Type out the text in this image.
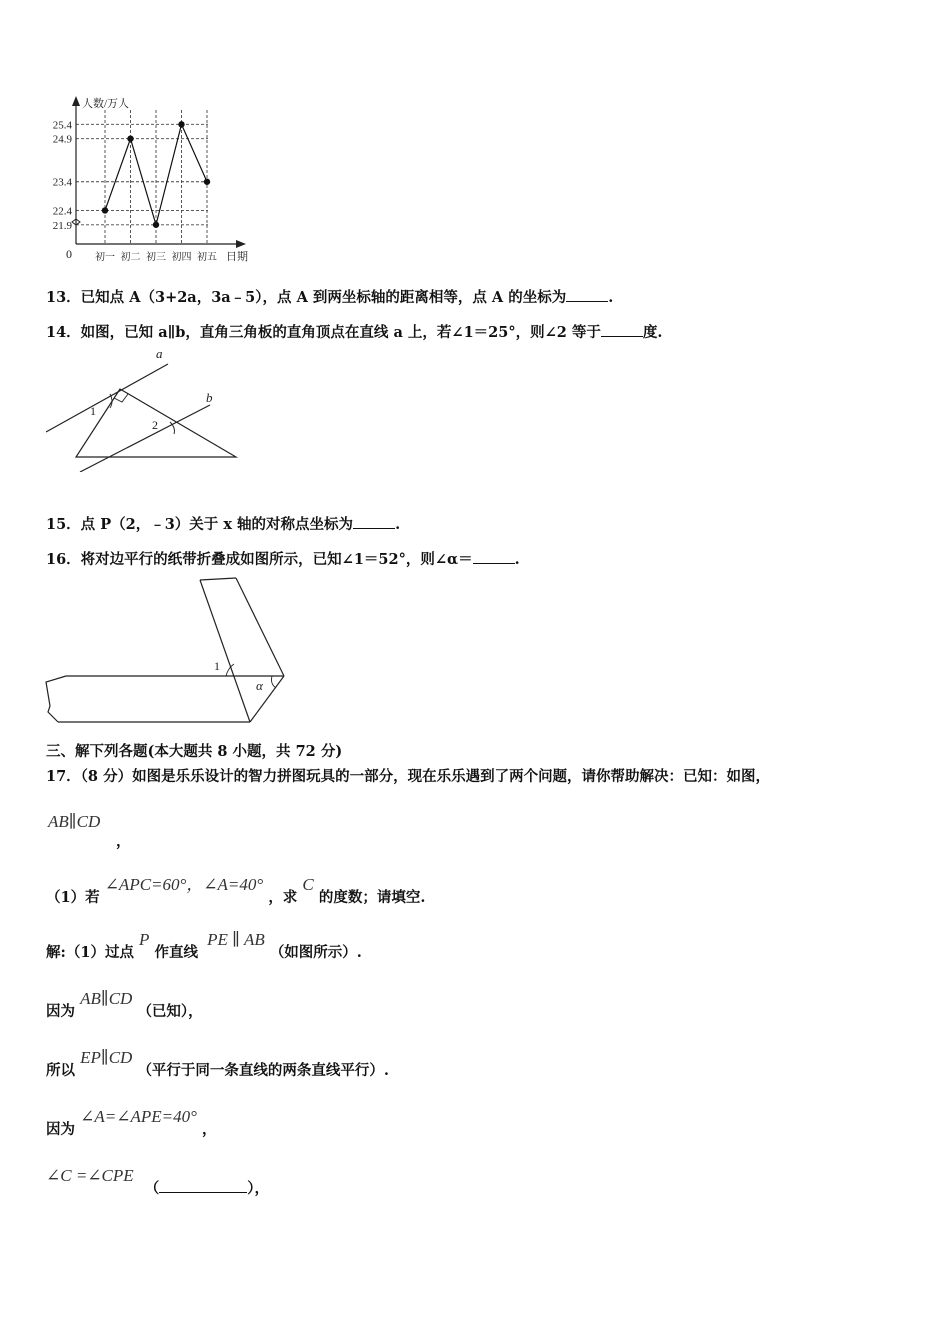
人数/万人
日期
0
25.4
24.9
23.4
22.4
21.9
初一 初二 初三 初四 初五
13．已知点 A（3+2a，3a﹣5），点 A 到两坐标轴的距离相等，点 A 的坐标为	.
14．如图，已知 a∥b，直角三角板的直角顶点在直线 a 上，若∠1＝25°，则∠2 等于	度.
a
b
1
2
15．点 P（2，﹣3）关于 x 轴的对称点坐标为	.
16．将对边平行的纸带折叠成如图所示，已知∠1＝52°，则∠α＝	.
1
α
三、解下列各题(本大题共 8 小题，共 72 分)
17．（8 分）如图是乐乐设计的智力拼图玩具的一部分，现在乐乐遇到了两个问题，请你帮助解决：已知：如图，
AB∥CD
，
（1）若 ∠APC=60°，∠A=40° ，求 C 的度数；请填空.
解:（1）过点 P 作直线 PE ∥ AB （如图所示）.
因为 AB∥CD （已知），
所以 EP∥CD （平行于同一条直线的两条直线平行）.
因为 ∠A=∠APE=40° ，
∠C =∠CPE （	），
